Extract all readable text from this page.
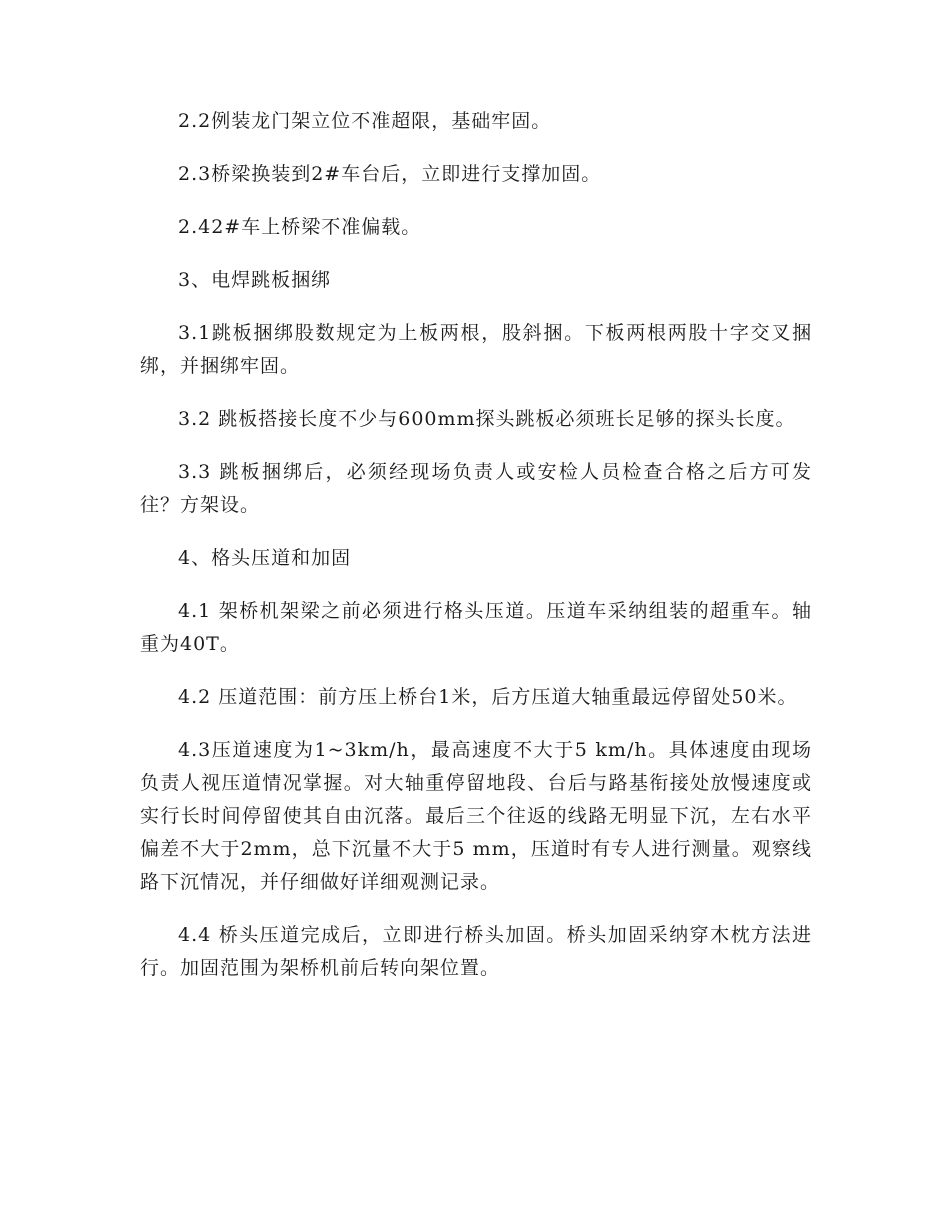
2.2例装龙门架立位不准超限，基础牢固。

2.3桥梁换装到2#车台后，立即进行支撑加固。

2.42#车上桥梁不准偏载。

3、电焊跳板捆绑

3.1跳板捆绑股数规定为上板两根，股斜捆。下板两根两股十字交叉捆绑，并捆绑牢固。

3.2 跳板搭接长度不少与600mm探头跳板必须班长足够的探头长度。

3.3 跳板捆绑后，必须经现场负责人或安检人员检查合格之后方可发往？方架设。

4、格头压道和加固

4.1 架桥机架梁之前必须进行格头压道。压道车采纳组装的超重车。轴重为40T。

4.2 压道范围：前方压上桥台1米，后方压道大轴重最远停留处50米。

4.3压道速度为1~3km/h，最高速度不大于5 km/h。具体速度由现场负责人视压道情况掌握。对大轴重停留地段、台后与路基衔接处放慢速度或实行长时间停留使其自由沉落。最后三个往返的线路无明显下沉，左右水平偏差不大于2mm，总下沉量不大于5 mm，压道时有专人进行测量。观察线路下沉情况，并仔细做好详细观测记录。

4.4 桥头压道完成后，立即进行桥头加固。桥头加固采纳穿木枕方法进行。加固范围为架桥机前后转向架位置。
